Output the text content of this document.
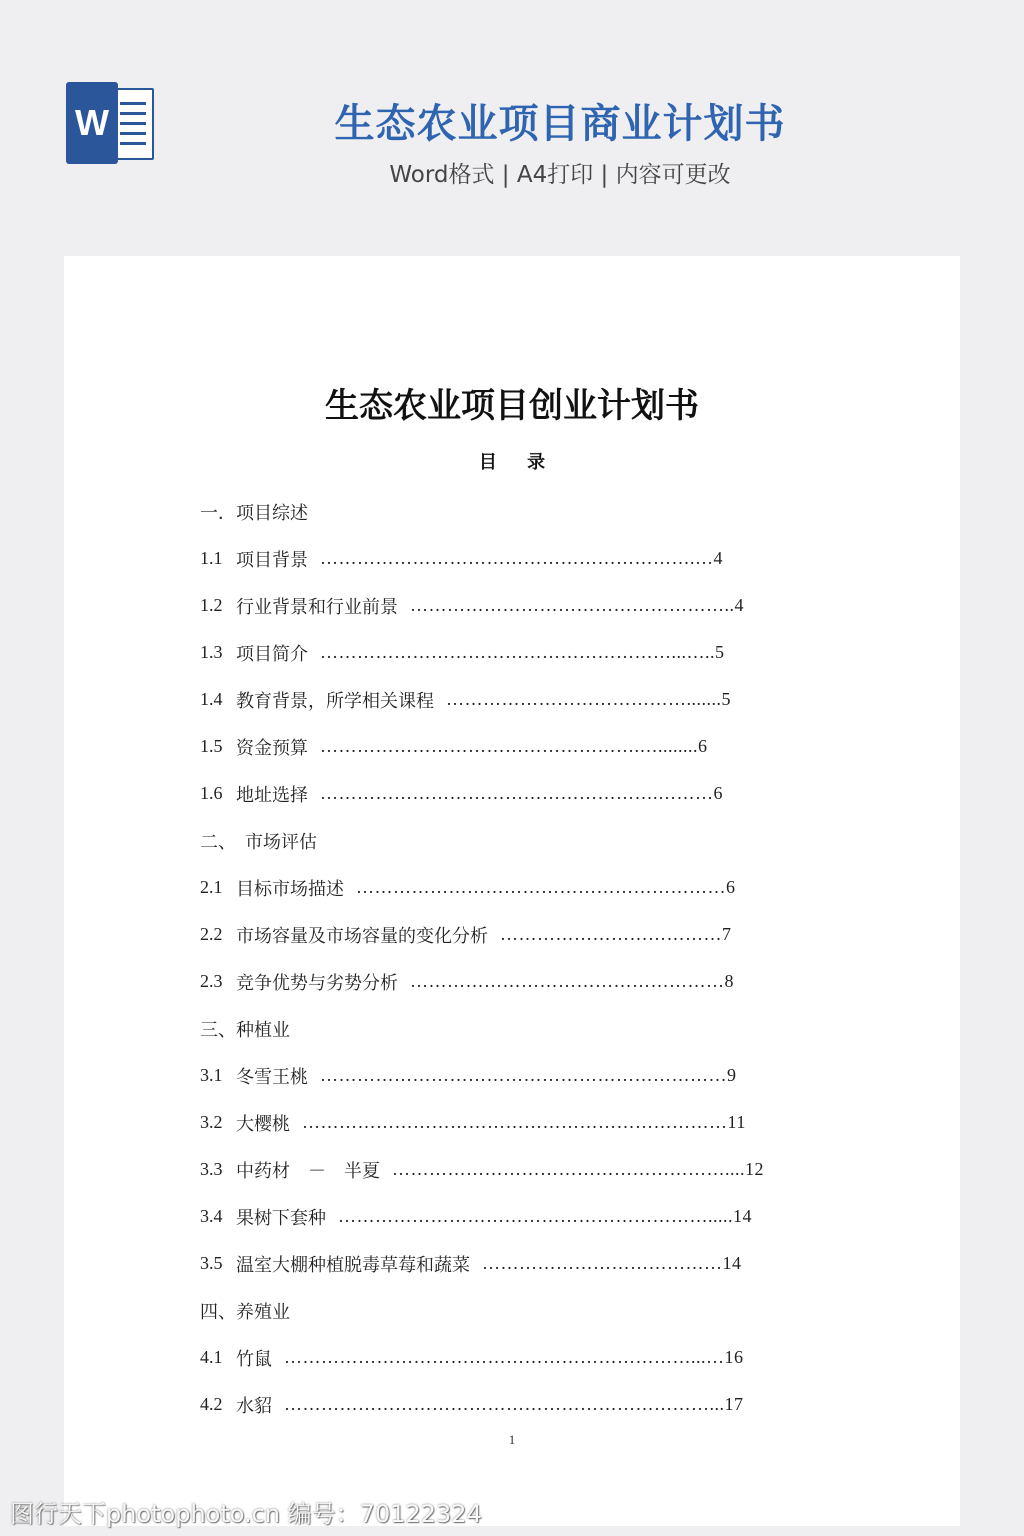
W	生态农业项目商业计划书
Word格式 | A4打印 | 内容可更改
生态农业项目创业计划书
目 录
一．项目综述
1.1 项目背景 …………………………………………………….…4
1.2 行业背景和行业前景 ……………………………………………..4
1.3 项目简介 …………………………………………………...…..5
1.4 教育背景，所学相关课程 ………………………………….......5
1.5 资金预算 …………………………………………….…........6
1.6 地址选择 ……………………………………………….………6
二、　市场评估
2.1 目标市场描述 ……………………………………………………6
2.2 市场容量及市场容量的变化分析 ………………………………7
2.3 竞争优势与劣势分析 ……………………………………………8
三、种植业
3.1 冬雪王桃 …………………………………………………………9
3.2 大樱桃 ……………………………………………………………11
3.3 中药材　－　半夏 ………………………………………………....12
3.4 果树下套种 …………………………………………………….....14
3.5 温室大棚种植脱毒草莓和蔬菜 …………………………………14
四、养殖业
4.1 竹鼠 …………………………………………………………...…16
4.2 水貂 ……………………………………………………………...17
1
图行天下photophoto.cn 编号：70122324
